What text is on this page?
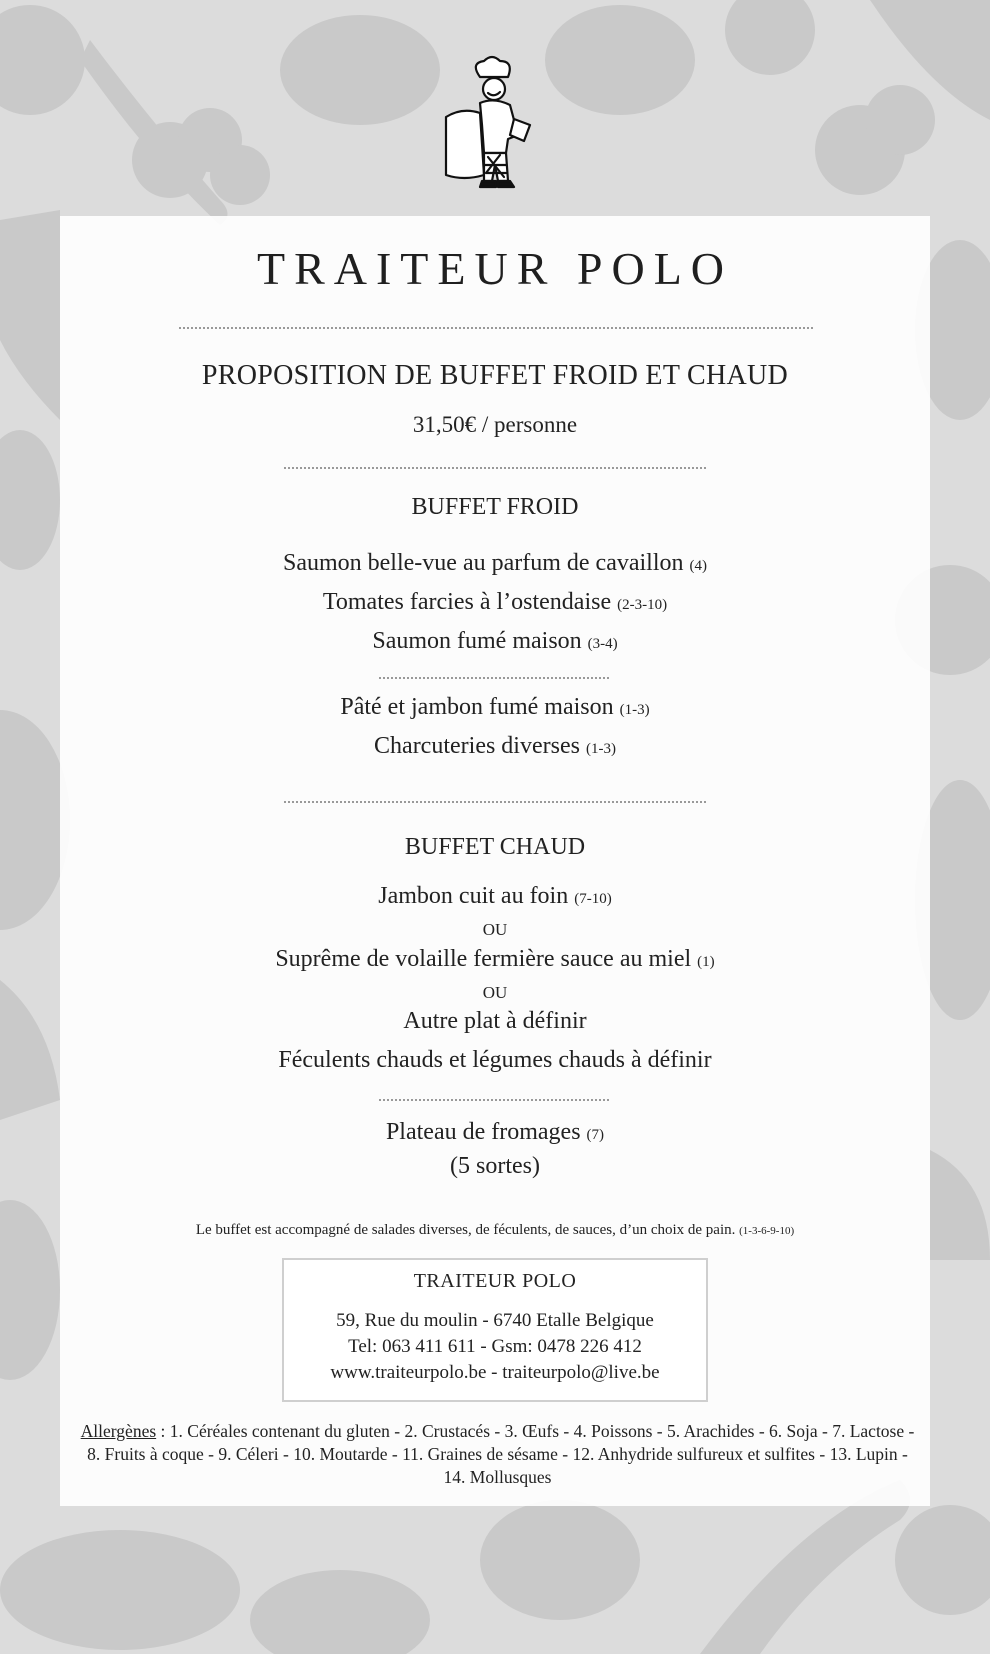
TRAITEUR POLO
PROPOSITION DE BUFFET FROID ET CHAUD
31,50€ / personne
BUFFET FROID
Saumon belle-vue au parfum de cavaillon (4)
Tomates farcies à l’ostendaise (2-3-10)
Saumon fumé maison (3-4)
Pâté et jambon fumé maison (1-3)
Charcuteries diverses (1-3)
BUFFET CHAUD
Jambon cuit au foin (7-10)
OU
Suprême de volaille fermière sauce au miel (1)
OU
Autre plat à définir
Féculents chauds et légumes chauds à définir
Plateau de fromages (7)
(5 sortes)
Le buffet est accompagné de salades diverses, de féculents, de sauces, d’un choix de pain. (1-3-6-9-10)
TRAITEUR POLO
59, Rue du moulin - 6740 Etalle Belgique
Tel: 063 411 611 - Gsm: 0478 226 412
www.traiteurpolo.be - traiteurpolo@live.be
Allergènes : 1. Céréales contenant du gluten - 2. Crustacés - 3. Œufs - 4. Poissons - 5. Arachides - 6. Soja - 7. Lactose - 8. Fruits à coque - 9. Céleri - 10. Moutarde - 11. Graines de sésame - 12. Anhydride sulfureux et sulfites - 13. Lupin - 14. Mollusques
